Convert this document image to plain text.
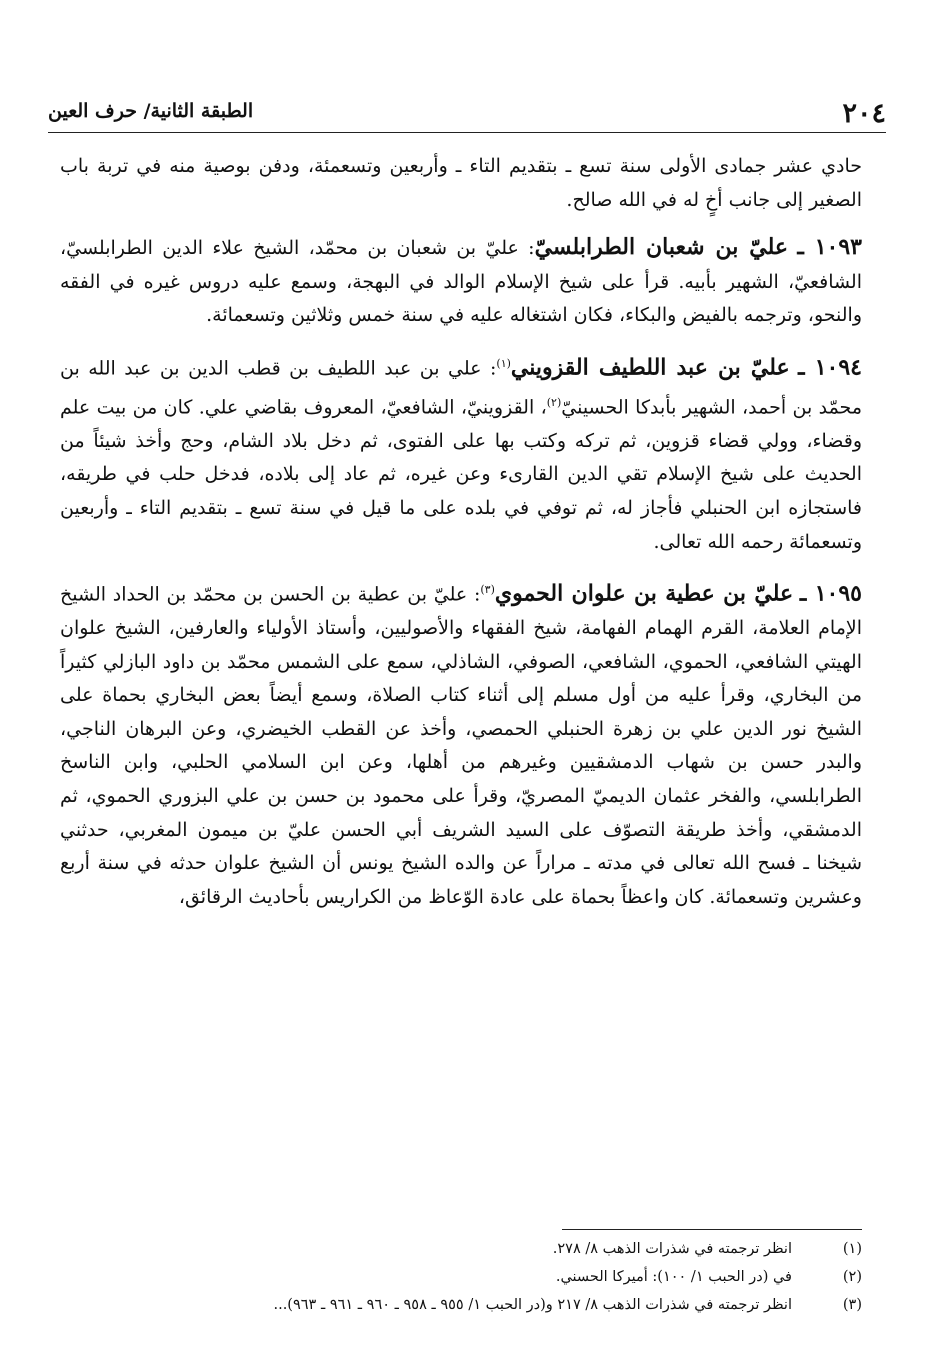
٢٠٤
الطبقة الثانية/ حرف العين

حادي عشر جمادى الأولى سنة تسع ـ بتقديم التاء ـ وأربعين وتسعمئة، ودفن بوصية منه في تربة باب الصغير إلى جانب أخٍ له في الله صالح.

١٠٩٣ ـ عليّ بن شعبان الطرابلسيّ: عليّ بن شعبان بن محمّد، الشيخ علاء الدين الطرابلسيّ، الشافعيّ، الشهير بأبيه. قرأ على شيخ الإسلام الوالد في البهجة، وسمع عليه دروس غيره في الفقه والنحو، وترجمه بالفيض والبكاء، فكان اشتغاله عليه في سنة خمس وثلاثين وتسعمائة.

١٠٩٤ ـ عليّ بن عبد اللطيف القزويني$^{(١)}$: علي بن عبد اللطيف بن قطب الدين بن عبد الله بن محمّد بن أحمد، الشهير بأبدكا الحسينيّ$^{(٢)}$، القزوينيّ، الشافعيّ، المعروف بقاضي علي. كان من بيت علم وقضاء، وولي قضاء قزوين، ثم تركه وكتب بها على الفتوى، ثم دخل بلاد الشام، وحج وأخذ شيئاً من الحديث على شيخ الإسلام تقي الدين القارىء وعن غيره، ثم عاد إلى بلاده، فدخل حلب في طريقه، فاستجازه ابن الحنبلي فأجاز له، ثم توفي في بلده على ما قيل في سنة تسع ـ بتقديم التاء ـ وأربعين وتسعمائة رحمه الله تعالى.

١٠٩٥ ـ عليّ بن عطية بن علوان الحموي$^{(٣)}$: عليّ بن عطية بن الحسن بن محمّد بن الحداد الشيخ الإمام العلامة، القرم الهمام الفهامة، شيخ الفقهاء والأصوليين، وأستاذ الأولياء والعارفين، الشيخ علوان الهيتي الشافعي، الحموي، الشافعي، الصوفي، الشاذلي، سمع على الشمس محمّد بن داود البازلي كثيراً من البخاري، وقرأ عليه من أول مسلم إلى أثناء كتاب الصلاة، وسمع أيضاً بعض البخاري بحماة على الشيخ نور الدين علي بن زهرة الحنبلي الحمصي، وأخذ عن القطب الخيضري، وعن البرهان الناجي، والبدر حسن بن شهاب الدمشقيين وغيرهم من أهلها، وعن ابن السلامي الحلبي، وابن الناسخ الطرابلسي، والفخر عثمان الديميّ المصريّ، وقرأ على محمود بن حسن بن علي البزوري الحموي، ثم الدمشقي، وأخذ طريقة التصوّف على السيد الشريف أبي الحسن عليّ بن ميمون المغربي، حدثني شيخنا ـ فسح الله تعالى في مدته ـ مراراً عن والده الشيخ يونس أن الشيخ علوان حدثه في سنة أربع وعشرين وتسعمائة. كان واعظاً بحماة على عادة الوّعاظ من الكراريس بأحاديث الرقائق،

(١)
انظر ترجمته في شذرات الذهب ٨/ ٢٧٨.
(٢)
في (در الحبب ١/ ١٠٠): أميركا الحسني.
(٣)
انظر ترجمته في شذرات الذهب ٨/ ٢١٧ و(در الحبب ١/ ٩٥٥ ـ ٩٥٨ ـ ٩٦٠ ـ ٩٦١ ـ ٩٦٣)...
